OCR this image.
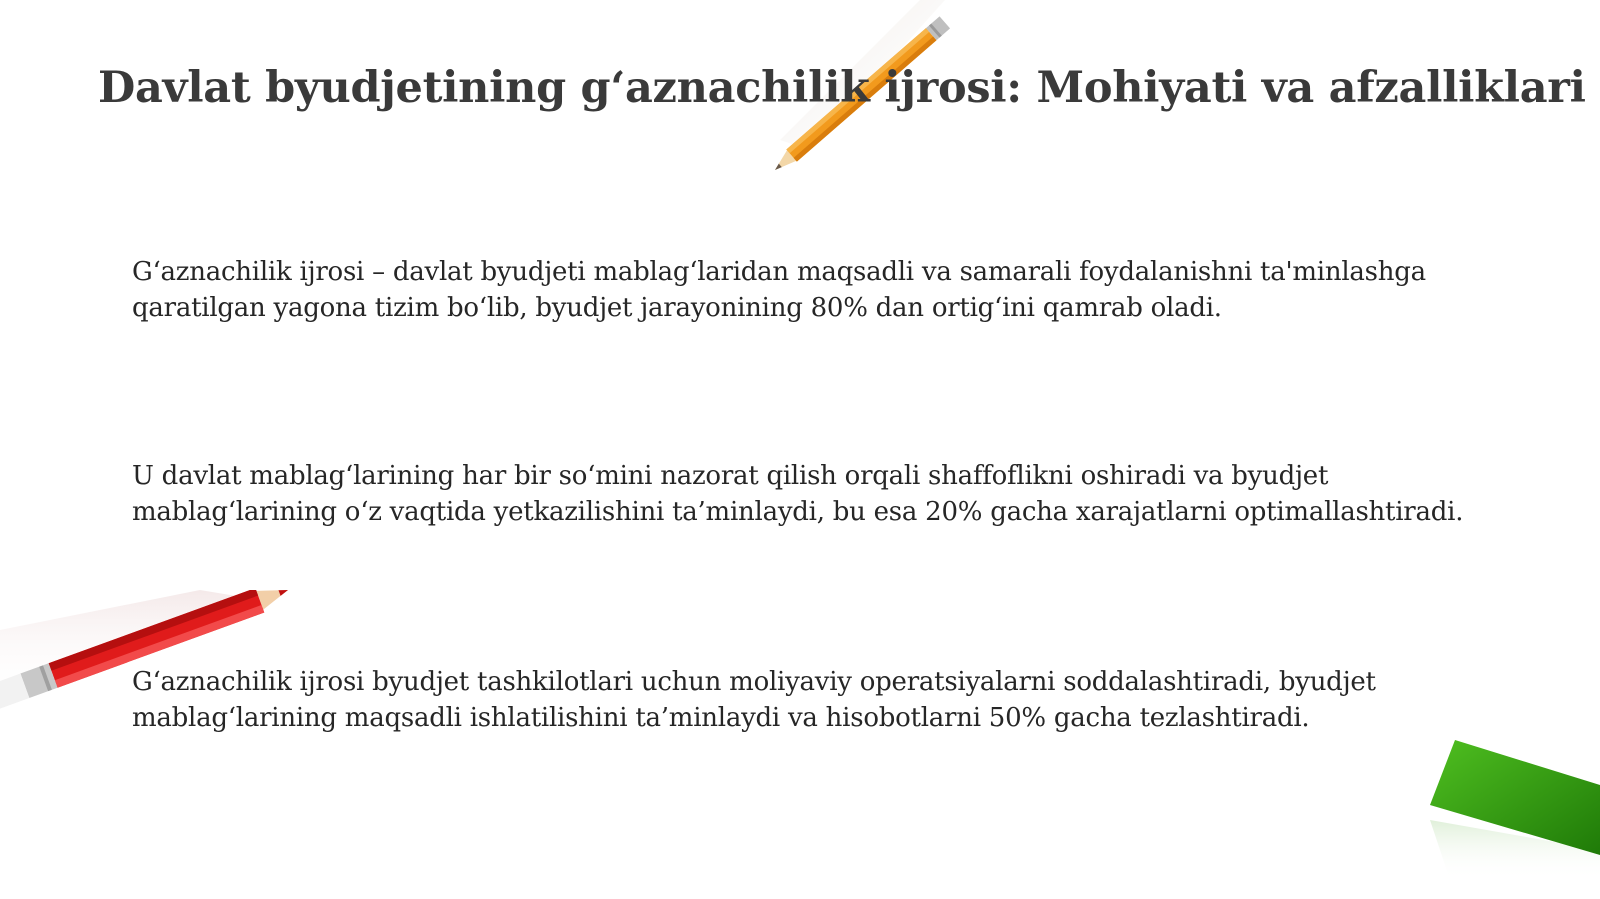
Davlat byudjetining g‘aznachilik ijrosi: Mohiyati va afzalliklari

G‘aznachilik ijrosi – davlat byudjeti mablag‘laridan maqsadli va samarali foydalanishni ta'minlashga qaratilgan yagona tizim bo‘lib, byudjet jarayonining 80% dan ortig‘ini qamrab oladi.

U davlat mablag‘larining har bir so‘mini nazorat qilish orqali shaffoflikni oshiradi va byudjet mablag‘larining o‘z vaqtida yetkazilishini ta’minlaydi, bu esa 20% gacha xarajatlarni optimallashtiradi.

G‘aznachilik ijrosi byudjet tashkilotlari uchun moliyaviy operatsiyalarni soddalashtiradi, byudjet mablag‘larining maqsadli ishlatilishini ta’minlaydi va hisobotlarni 50% gacha tezlashtiradi.
